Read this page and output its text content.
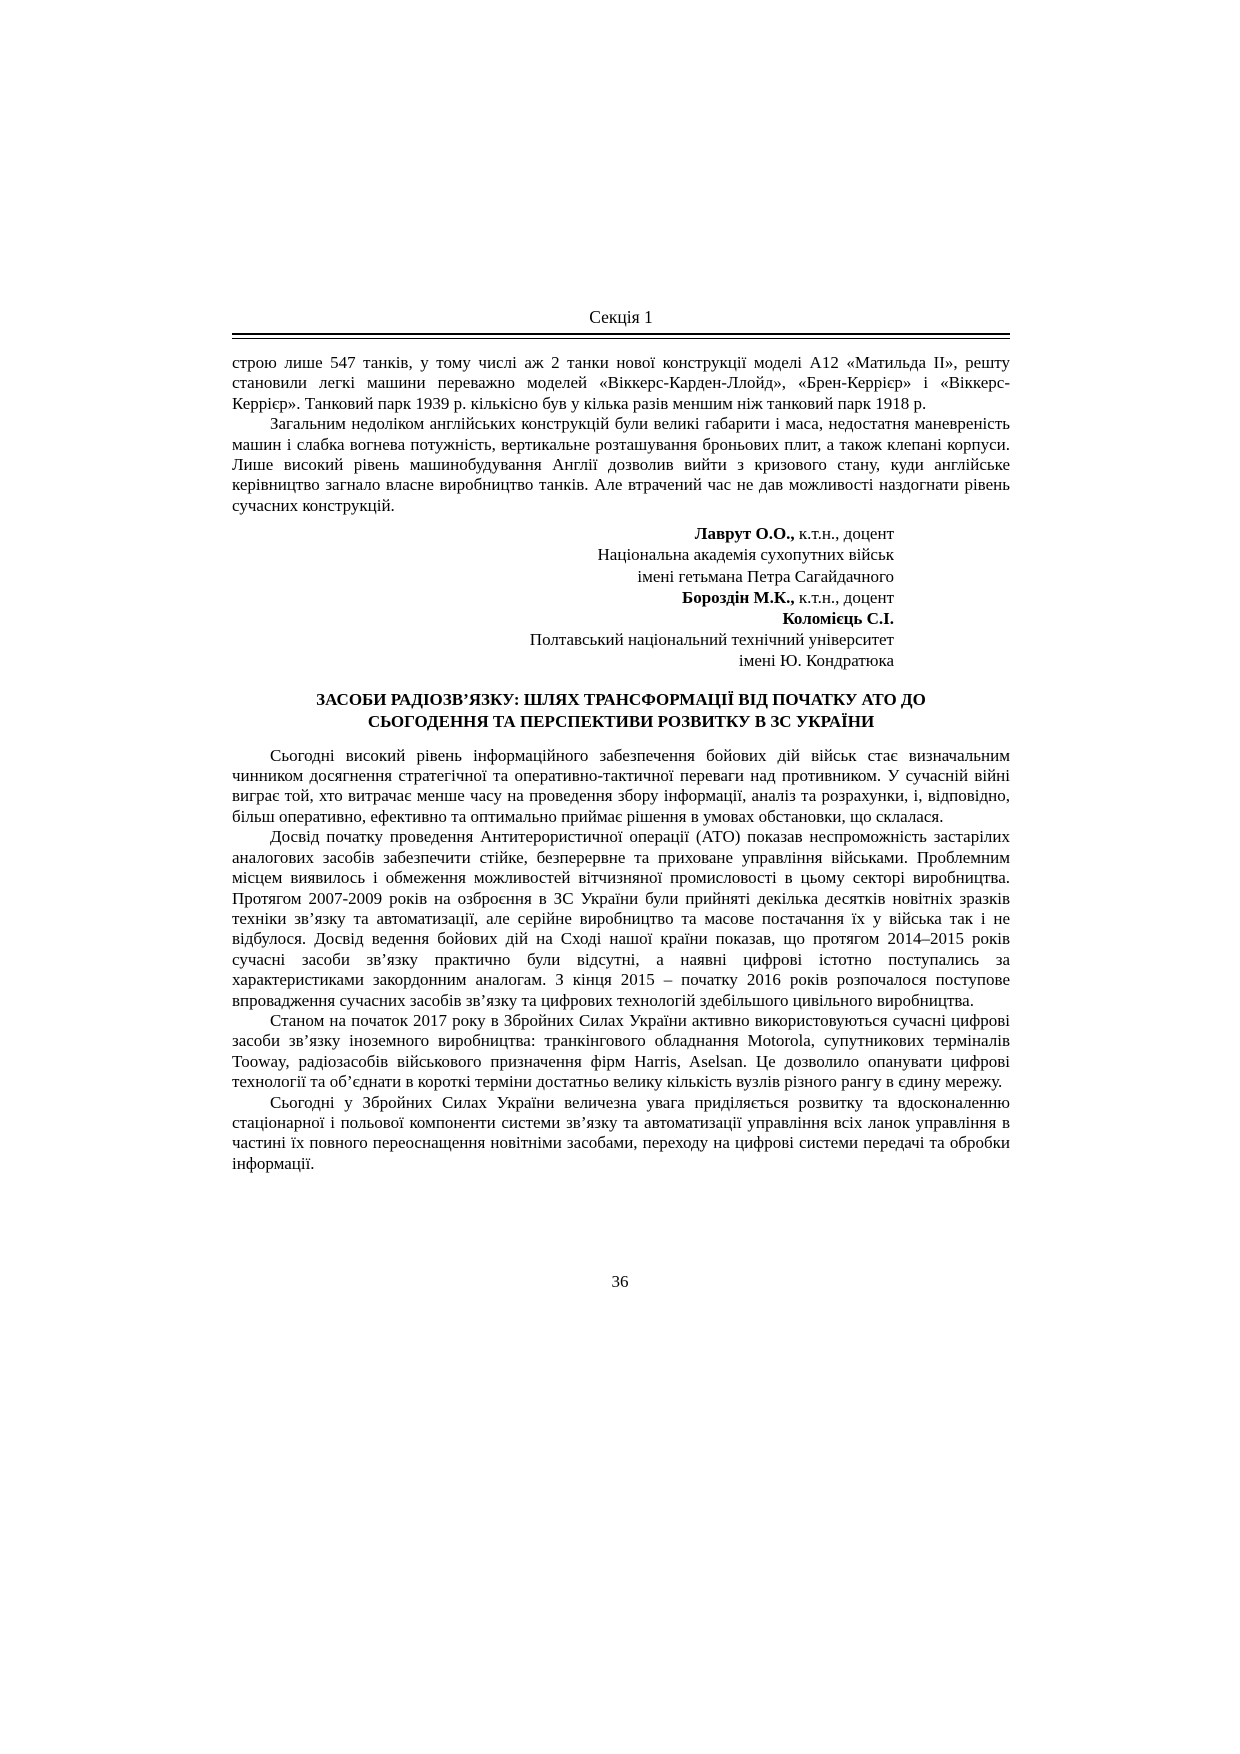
Секція 1

строю лише 547 танків, у тому числі аж 2 танки нової конструкції моделі А12 «Матильда ІІ», решту становили легкі машини переважно моделей «Віккерс-Карден-Ллойд», «Брен-Керрієр» і «Віккерс-Керрієр». Танковий парк 1939 р. кількісно був у кілька разів меншим ніж танковий парк 1918 р.

Загальним недоліком англійських конструкцій були великі габарити і маса, недостатня маневреність машин і слабка вогнева потужність, вертикальне розташування броньових плит, а також клепані корпуси. Лише високий рівень машинобудування Англії дозволив вийти з кризового стану, куди англійське керівництво загнало власне виробництво танків. Але втрачений час не дав можливості наздогнати рівень сучасних конструкцій.

Лаврут О.О., к.т.н., доцент
Національна академія сухопутних військ
імені гетьмана Петра Сагайдачного
Бороздін М.К., к.т.н., доцент
Коломієць С.І.
Полтавський національний технічний університет
імені Ю. Кондратюка
ЗАСОБИ РАДІОЗВ’ЯЗКУ: ШЛЯХ ТРАНСФОРМАЦІЇ ВІД ПОЧАТКУ АТО ДО
СЬОГОДЕННЯ ТА ПЕРСПЕКТИВИ РОЗВИТКУ В ЗС УКРАЇНИ

Сьогодні високий рівень інформаційного забезпечення бойових дій військ стає визначальним чинником досягнення стратегічної та оперативно-тактичної переваги над противником. У сучасній війні виграє той, хто витрачає менше часу на проведення збору інформації, аналіз та розрахунки, і, відповідно, більш оперативно, ефективно та оптимально приймає рішення в умовах обстановки, що склалася.

Досвід початку проведення Антитерористичної операції (АТО) показав неспроможність застарілих аналогових засобів забезпечити стійке, безперервне та приховане управління військами. Проблемним місцем виявилось і обмеження можливостей вітчизняної промисловості в цьому секторі виробництва. Протягом 2007-2009 років на озброєння в ЗС України були прийняті декілька десятків новітніх зразків техніки зв’язку та автоматизації, але серійне виробництво та масове постачання їх у війська так і не відбулося. Досвід ведення бойових дій на Сході нашої країни показав, що протягом 2014–2015 років сучасні засоби зв’язку практично були відсутні, а наявні цифрові істотно поступались за характеристиками закордонним аналогам. З кінця 2015 – початку 2016 років розпочалося поступове впровадження сучасних засобів зв’язку та цифрових технологій здебільшого цивільного виробництва.

Станом на початок 2017 року в Збройних Силах України активно використовуються сучасні цифрові засоби зв’язку іноземного виробництва: транкінгового обладнання Motorola, супутникових терміналів Tooway, радіозасобів військового призначення фірм Harris, Aselsan. Це дозволило опанувати цифрові технології та об’єднати в короткі терміни достатньо велику кількість вузлів різного рангу в єдину мережу.

Сьогодні у Збройних Силах України величезна увага приділяється розвитку та вдосконаленню стаціонарної і польової компоненти системи зв’язку та автоматизації управління всіх ланок управління в частині їх повного переоснащення новітніми засобами, переходу на цифрові системи передачі та обробки інформації.

36
